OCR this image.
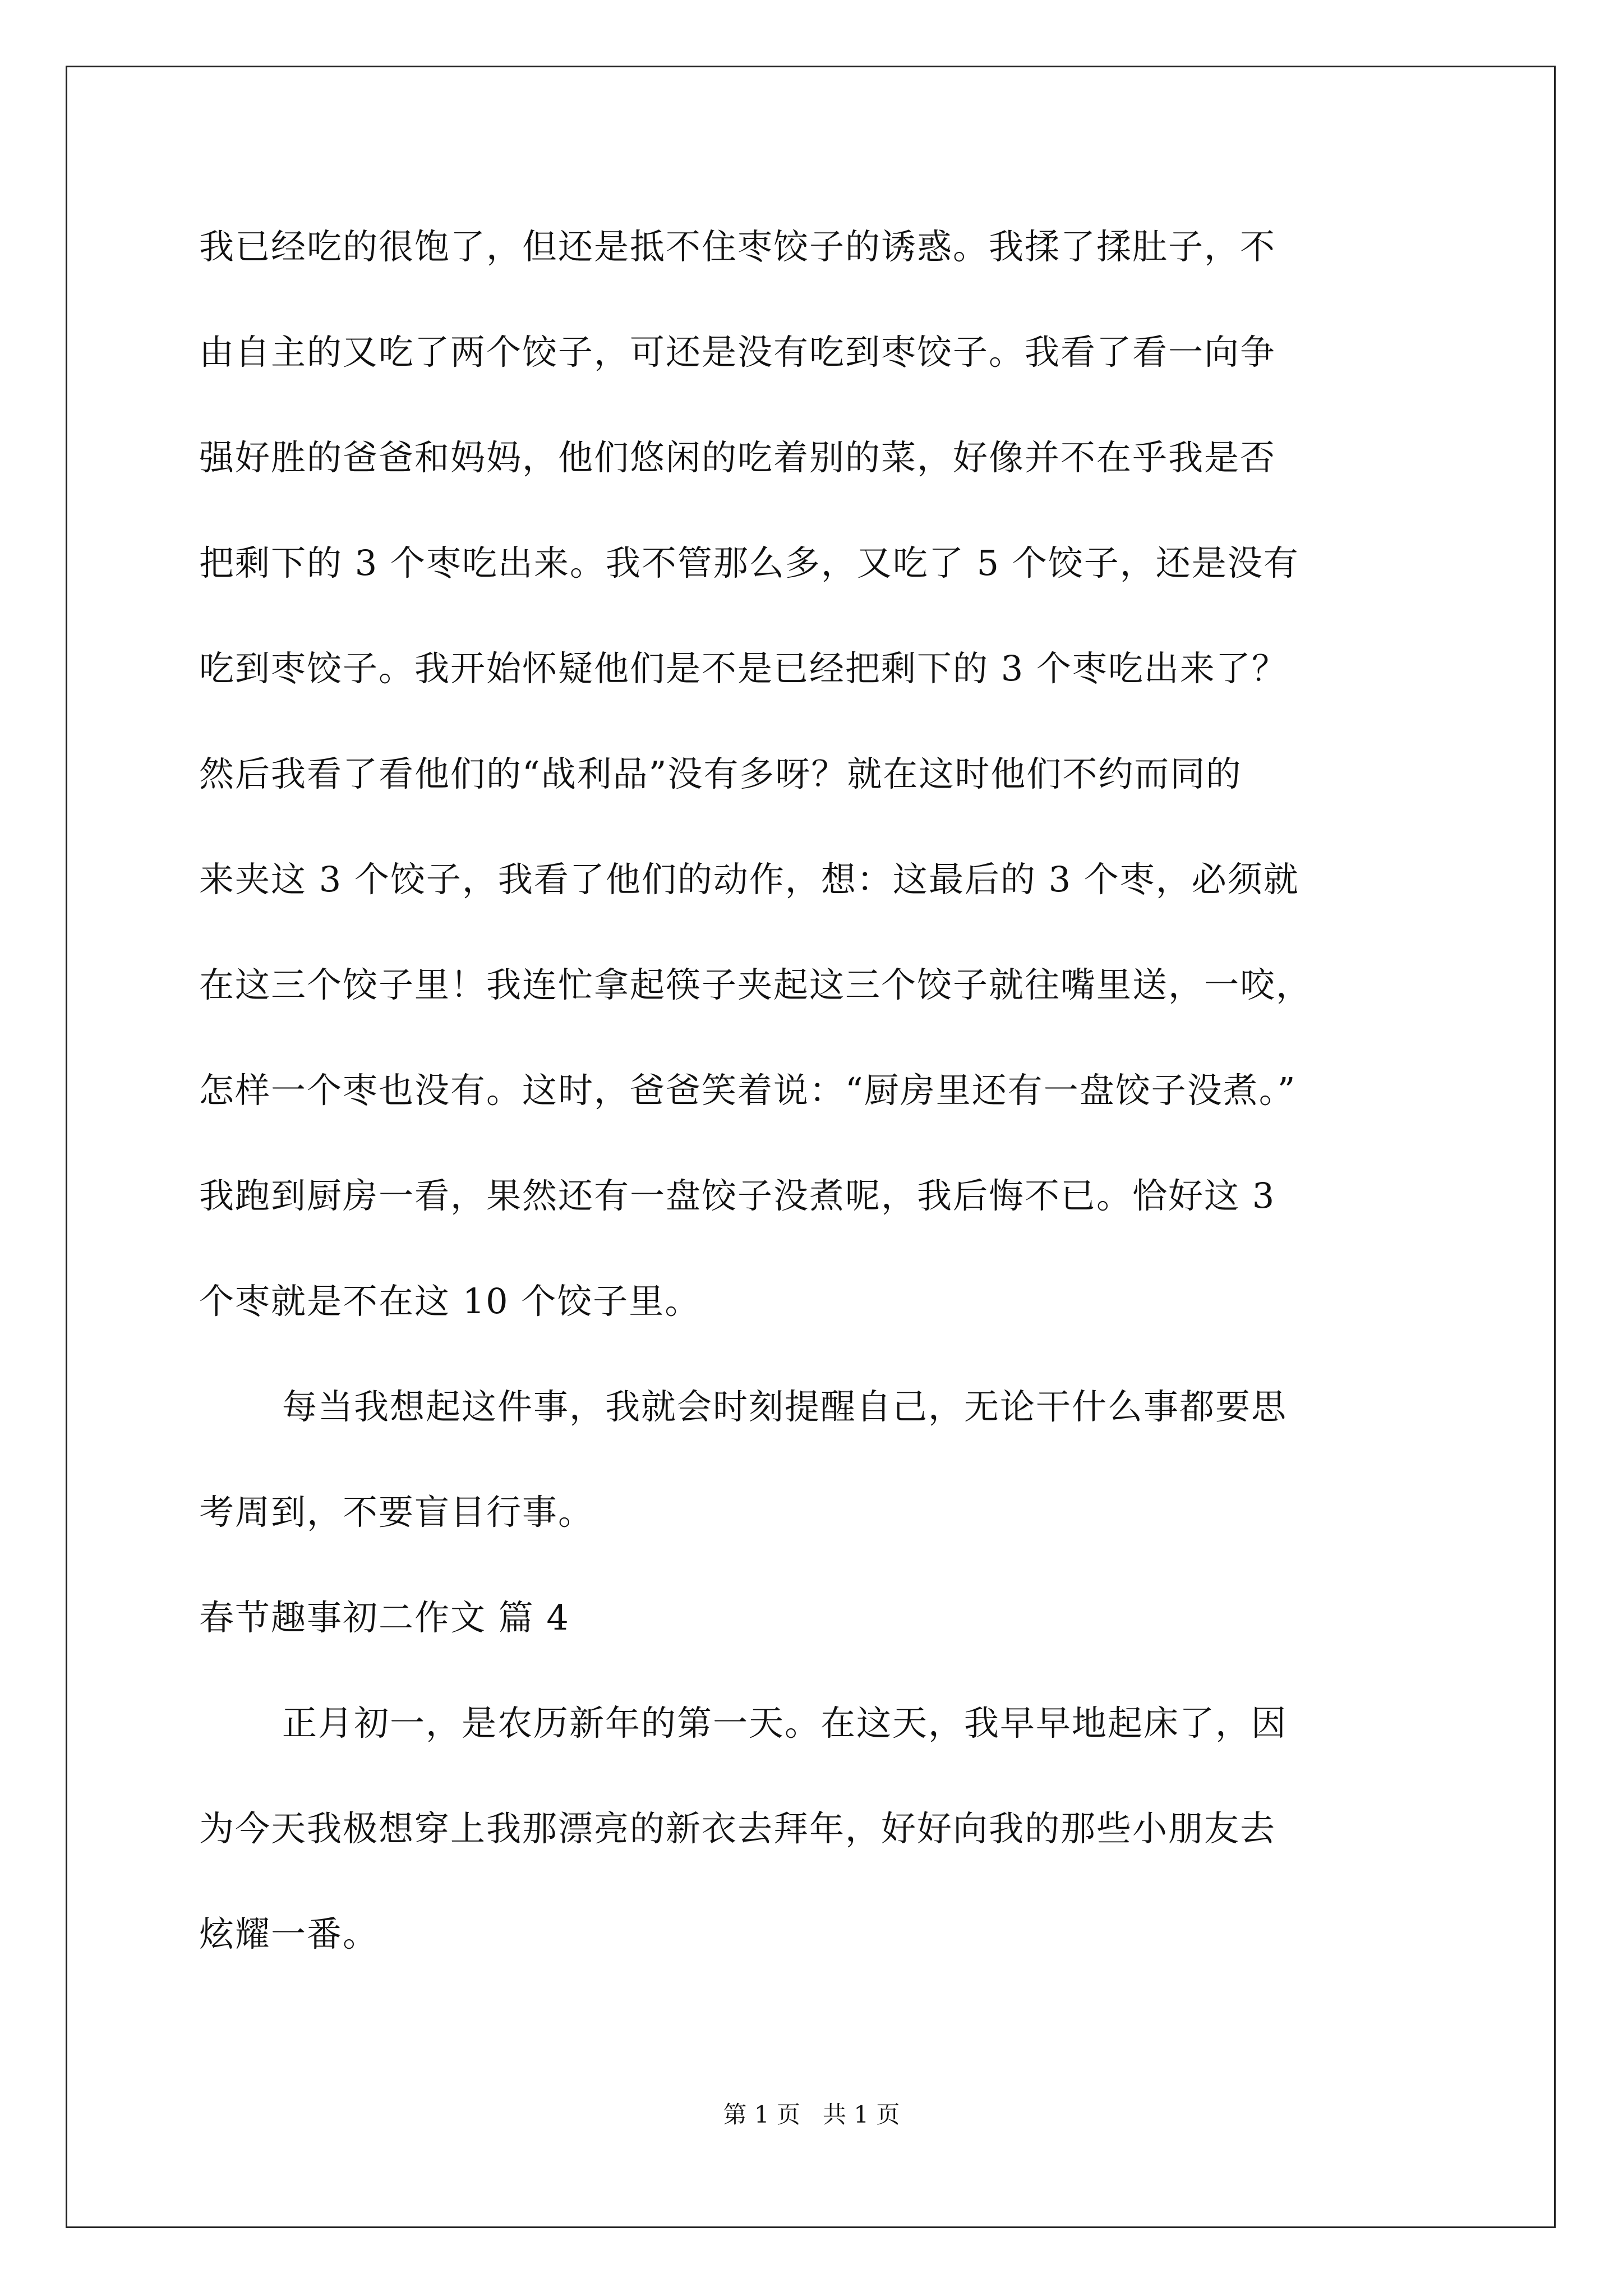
我已经吃的很饱了，但还是抵不住枣饺子的诱惑。我揉了揉肚子，不
由自主的又吃了两个饺子，可还是没有吃到枣饺子。我看了看一向争
强好胜的爸爸和妈妈，他们悠闲的吃着别的菜，好像并不在乎我是否
把剩下的 3 个枣吃出来。我不管那么多，又吃了 5 个饺子，还是没有
吃到枣饺子。我开始怀疑他们是不是已经把剩下的 3 个枣吃出来了？
然后我看了看他们的“战利品”没有多呀？就在这时他们不约而同的
来夹这 3 个饺子，我看了他们的动作，想：这最后的 3 个枣，必须就
在这三个饺子里！我连忙拿起筷子夹起这三个饺子就往嘴里送，一咬，
怎样一个枣也没有。这时，爸爸笑着说：“厨房里还有一盘饺子没煮。”
我跑到厨房一看，果然还有一盘饺子没煮呢，我后悔不已。恰好这 3
个枣就是不在这 10 个饺子里。
每当我想起这件事，我就会时刻提醒自己，无论干什么事都要思
考周到，不要盲目行事。
春节趣事初二作文 篇 4
正月初一，是农历新年的第一天。在这天，我早早地起床了，因
为今天我极想穿上我那漂亮的新衣去拜年，好好向我的那些小朋友去
炫耀一番。
第 1 页   共 1 页
